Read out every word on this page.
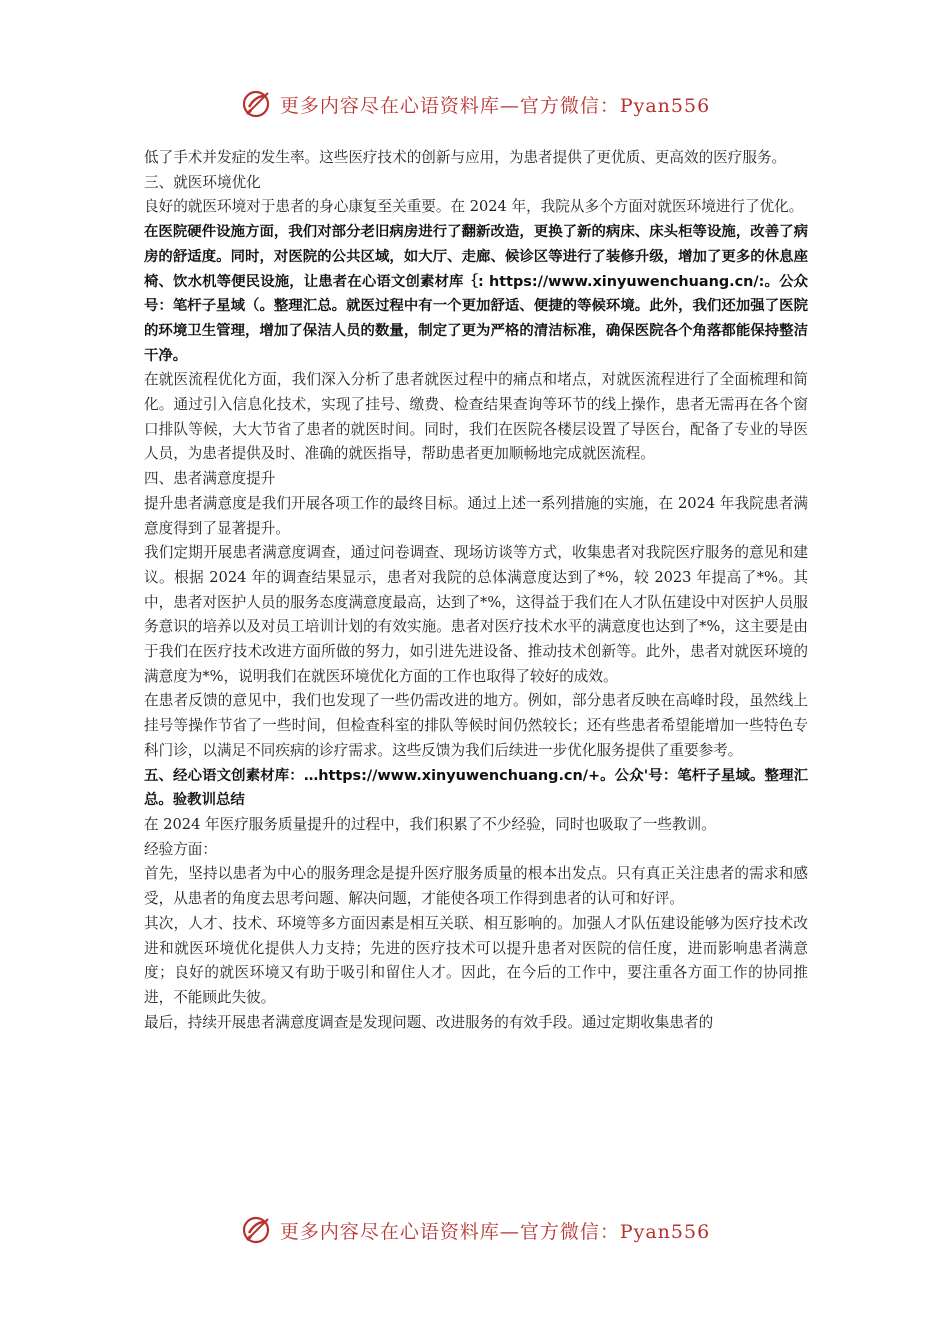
更多内容尽在心语资料库—官方微信：Pyan556

低了手术并发症的发生率。这些医疗技术的创新与应用，为患者提供了更优质、更高效的医疗服务。

三、就医环境优化

良好的就医环境对于患者的身心康复至关重要。在 2024 年，我院从多个方面对就医环境进行了优化。

在医院硬件设施方面，我们对部分老旧病房进行了翻新改造，更换了新的病床、床头柜等设施，改善了病房的舒适度。同时，对医院的公共区域，如大厅、走廊、候诊区等进行了装修升级，增加了更多的休息座椅、饮水机等便民设施，让患者在心语文创素材库｛: https://www.xinyuwenchuang.cn/:。公众号：笔杆子星域（。整理汇总。就医过程中有一个更加舒适、便捷的等候环境。此外，我们还加强了医院的环境卫生管理，增加了保洁人员的数量，制定了更为严格的清洁标准，确保医院各个角落都能保持整洁干净。

在就医流程优化方面，我们深入分析了患者就医过程中的痛点和堵点，对就医流程进行了全面梳理和简化。通过引入信息化技术，实现了挂号、缴费、检查结果查询等环节的线上操作，患者无需再在各个窗口排队等候，大大节省了患者的就医时间。同时，我们在医院各楼层设置了导医台，配备了专业的导医人员，为患者提供及时、准确的就医指导，帮助患者更加顺畅地完成就医流程。

四、患者满意度提升

提升患者满意度是我们开展各项工作的最终目标。通过上述一系列措施的实施，在 2024 年我院患者满意度得到了显著提升。

我们定期开展患者满意度调查，通过问卷调查、现场访谈等方式，收集患者对我院医疗服务的意见和建议。根据 2024 年的调查结果显示，患者对我院的总体满意度达到了*%，较 2023 年提高了*%。其中，患者对医护人员的服务态度满意度最高，达到了*%，这得益于我们在人才队伍建设中对医护人员服务意识的培养以及对员工培训计划的有效实施。患者对医疗技术水平的满意度也达到了*%，这主要是由于我们在医疗技术改进方面所做的努力，如引进先进设备、推动技术创新等。此外，患者对就医环境的满意度为*%，说明我们在就医环境优化方面的工作也取得了较好的成效。

在患者反馈的意见中，我们也发现了一些仍需改进的地方。例如，部分患者反映在高峰时段，虽然线上挂号等操作节省了一些时间，但检查科室的排队等候时间仍然较长；还有些患者希望能增加一些特色专科门诊，以满足不同疾病的诊疗需求。这些反馈为我们后续进一步优化服务提供了重要参考。

五、经心语文创素材库：…https://www.xinyuwenchuang.cn/+。公众'号：笔杆子星域。整理汇总。验教训总结

在 2024 年医疗服务质量提升的过程中，我们积累了不少经验，同时也吸取了一些教训。

经验方面：

首先，坚持以患者为中心的服务理念是提升医疗服务质量的根本出发点。只有真正关注患者的需求和感受，从患者的角度去思考问题、解决问题，才能使各项工作得到患者的认可和好评。

其次，人才、技术、环境等多方面因素是相互关联、相互影响的。加强人才队伍建设能够为医疗技术改进和就医环境优化提供人力支持；先进的医疗技术可以提升患者对医院的信任度，进而影响患者满意度；良好的就医环境又有助于吸引和留住人才。因此，在今后的工作中，要注重各方面工作的协同推进，不能顾此失彼。

最后，持续开展患者满意度调查是发现问题、改进服务的有效手段。通过定期收集患者的

更多内容尽在心语资料库—官方微信：Pyan556
